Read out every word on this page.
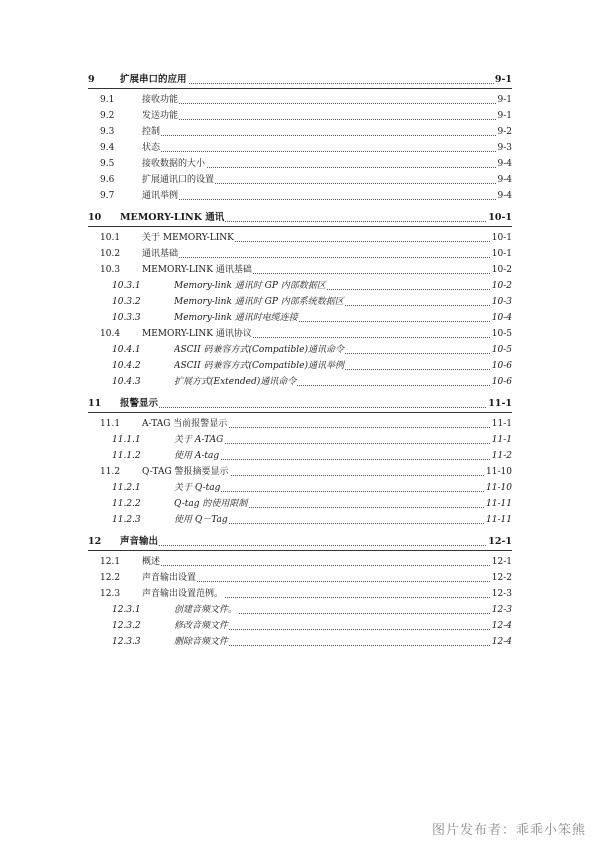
9	扩展串口的应用	9-1
9.1	接收功能	9-1
9.2	发送功能	9-1
9.3	控制	9-2
9.4	状态	9-3
9.5	接收数据的大小	9-4
9.6	扩展通讯口的设置	9-4
9.7	通讯举例	9-4
10 MEMORY-LINK 通讯	10-1
10.1 关于 MEMORY-LINK	10-1
10.2 通讯基础	10-1
10.3 MEMORY-LINK 通讯基础	10-2
10.3.1	Memory-link 通讯时 GP 内部数据区	10-2
10.3.2	Memory-link 通讯时 GP 内部系统数据区	10-3
10.3.3	Memory-link 通讯时电缆连接	10-4
10.4 MEMORY-LINK 通讯协议	10-5
10.4.1	ASCII 码兼容方式(Compatible)通讯命令	10-5
10.4.2	ASCII 码兼容方式(Compatible)通讯举例	10-6
10.4.3	扩展方式(Extended)通讯命令	10-6
11 报警显示	11-1
11.1 A-TAG 当前报警显示	11-1
11.1.1	关于 A-TAG	11-1
11.1.2	使用 A-tag	11-2
11.2 Q-TAG 警报摘要显示	11-10
11.2.1	关于 Q-tag	11-10
11.2.2	Q-tag 的使用限制	11-11
11.2.3	使用 Q－Tag	11-11
12 声音输出	12-1
12.1 概述	12-1
12.2 声音输出设置	12-2
12.3 声音输出设置范例。	12-3
12.3.1	创建音频文件。	12-3
12.3.2	修改音频文件	12-4
12.3.3	删除音频文件	12-4
图片发布者：乖乖小笨熊
